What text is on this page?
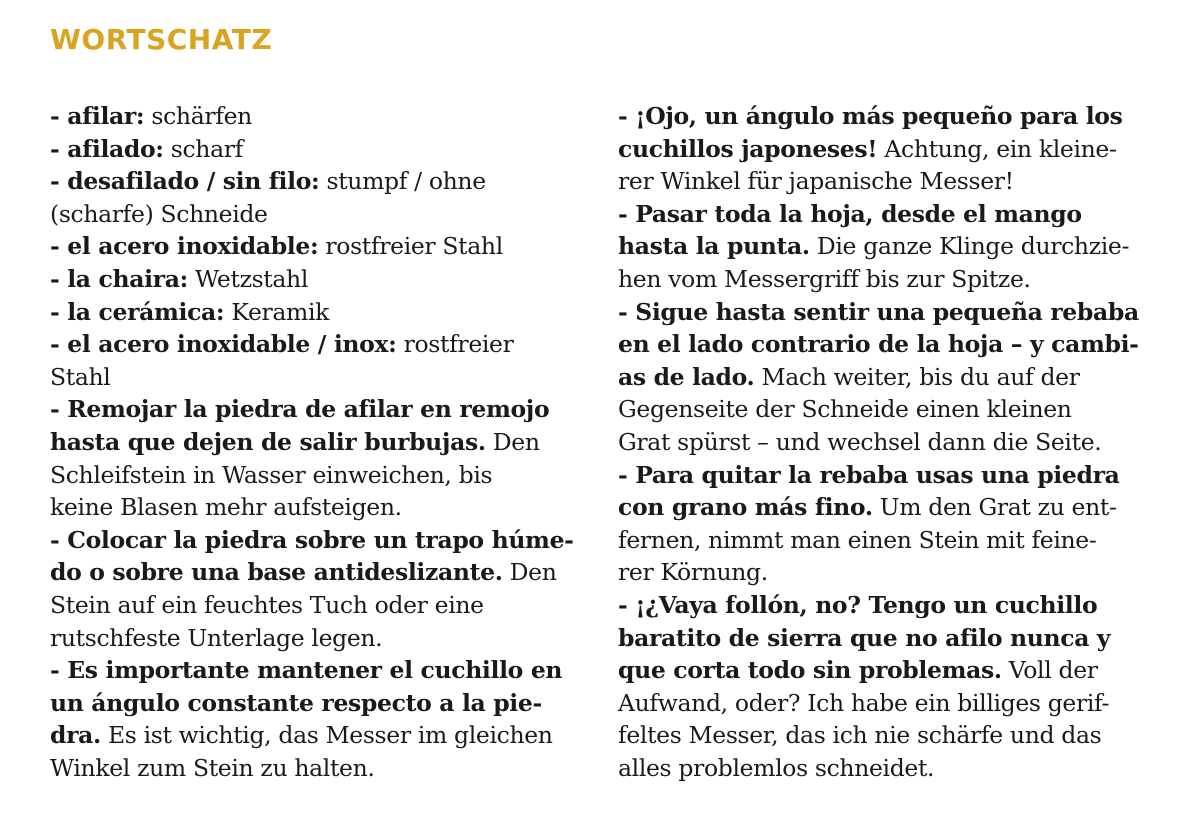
WORTSCHATZ

- afilar: schärfen

- afilado: scharf

- desafilado / sin filo: stumpf / ohne
(scharfe) Schneide

- el acero inoxidable: rostfreier Stahl

- la chaira: Wetzstahl

- la cerámica: Keramik

- el acero inoxidable / inox: rostfreier
Stahl

- Remojar la piedra de afilar en remojo
hasta que dejen de salir burbujas. Den
Schleifstein in Wasser einweichen, bis
keine Blasen mehr aufsteigen.

- Colocar la piedra sobre un trapo húme-
do o sobre una base antideslizante. Den
Stein auf ein feuchtes Tuch oder eine
rutschfeste Unterlage legen.

- Es importante mantener el cuchillo en
un ángulo constante respecto a la pie-
dra. Es ist wichtig, das Messer im gleichen
Winkel zum Stein zu halten.

- ¡Ojo, un ángulo más pequeño para los
cuchillos japoneses! Achtung, ein kleine-
rer Winkel für japanische Messer!

- Pasar toda la hoja, desde el mango
hasta la punta. Die ganze Klinge durchzie-
hen vom Messergriff bis zur Spitze.

- Sigue hasta sentir una pequeña rebaba
en el lado contrario de la hoja – y cambi-
as de lado. Mach weiter, bis du auf der
Gegenseite der Schneide einen kleinen
Grat spürst – und wechsel dann die Seite.

- Para quitar la rebaba usas una piedra
con grano más fino. Um den Grat zu ent-
fernen, nimmt man einen Stein mit feine-
rer Körnung.

- ¡¿Vaya follón, no? Tengo un cuchillo
baratito de sierra que no afilo nunca y
que corta todo sin problemas. Voll der
Aufwand, oder? Ich habe ein billiges gerif-
feltes Messer, das ich nie schärfe und das
alles problemlos schneidet.
